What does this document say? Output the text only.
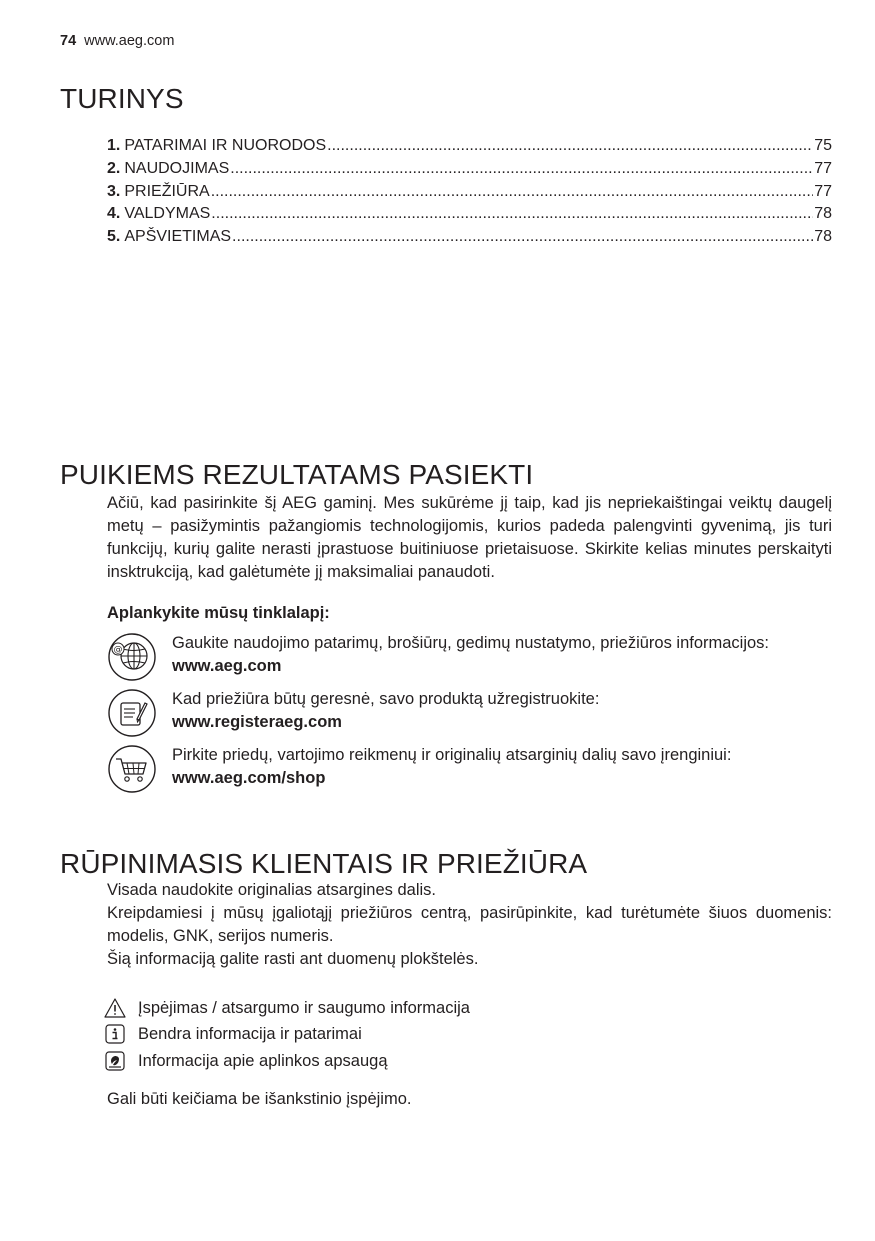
74 www.aeg.com
TURINYS
1. PATARIMAI IR NUORODOS .....	75
2. NAUDOJIMAS .....	77
3. PRIEŽIŪRA .....	77
4. VALDYMAS .....	78
5. APŠVIETIMAS .....	78
PUIKIEMS REZULTATAMS PASIEKTI
Ačiū, kad pasirinkite šį AEG gaminį. Mes sukūrėme jį taip, kad jis nepriekaištingai veiktų daugelį metų – pasižymintis pažangiomis technologijomis, kurios padeda palengvinti gyvenimą, jis turi funkcijų, kurių galite nerasti įprastuose buitiniuose prietaisuose. Skirkite kelias minutes perskaityti insktrukciją, kad galėtumėte jį maksimaliai panaudoti.
Aplankykite mūsų tinklalapį:
@	Gaukite naudojimo patarimų, brošiūrų, gedimų nustatymo, priežiūros informacijos:
www.aeg.com
Kad priežiūra būtų geresnė, savo produktą užregistruokite:
www.registeraeg.com
Pirkite priedų, vartojimo reikmenų ir originalių atsarginių dalių savo įrenginiui:
www.aeg.com/shop
RŪPINIMASIS KLIENTAIS IR PRIEŽIŪRA
Visada naudokite originalias atsargines dalis.
Kreipdamiesi į mūsų įgaliotąjį priežiūros centrą, pasirūpinkite, kad turėtumėte šiuos duomenis: modelis, GNK, serijos numeris.
Šią informaciją galite rasti ant duomenų plokštelės.
Įspėjimas / atsargumo ir saugumo informacija
Bendra informacija ir patarimai
Informacija apie aplinkos apsaugą
Gali būti keičiama be išankstinio įspėjimo.
